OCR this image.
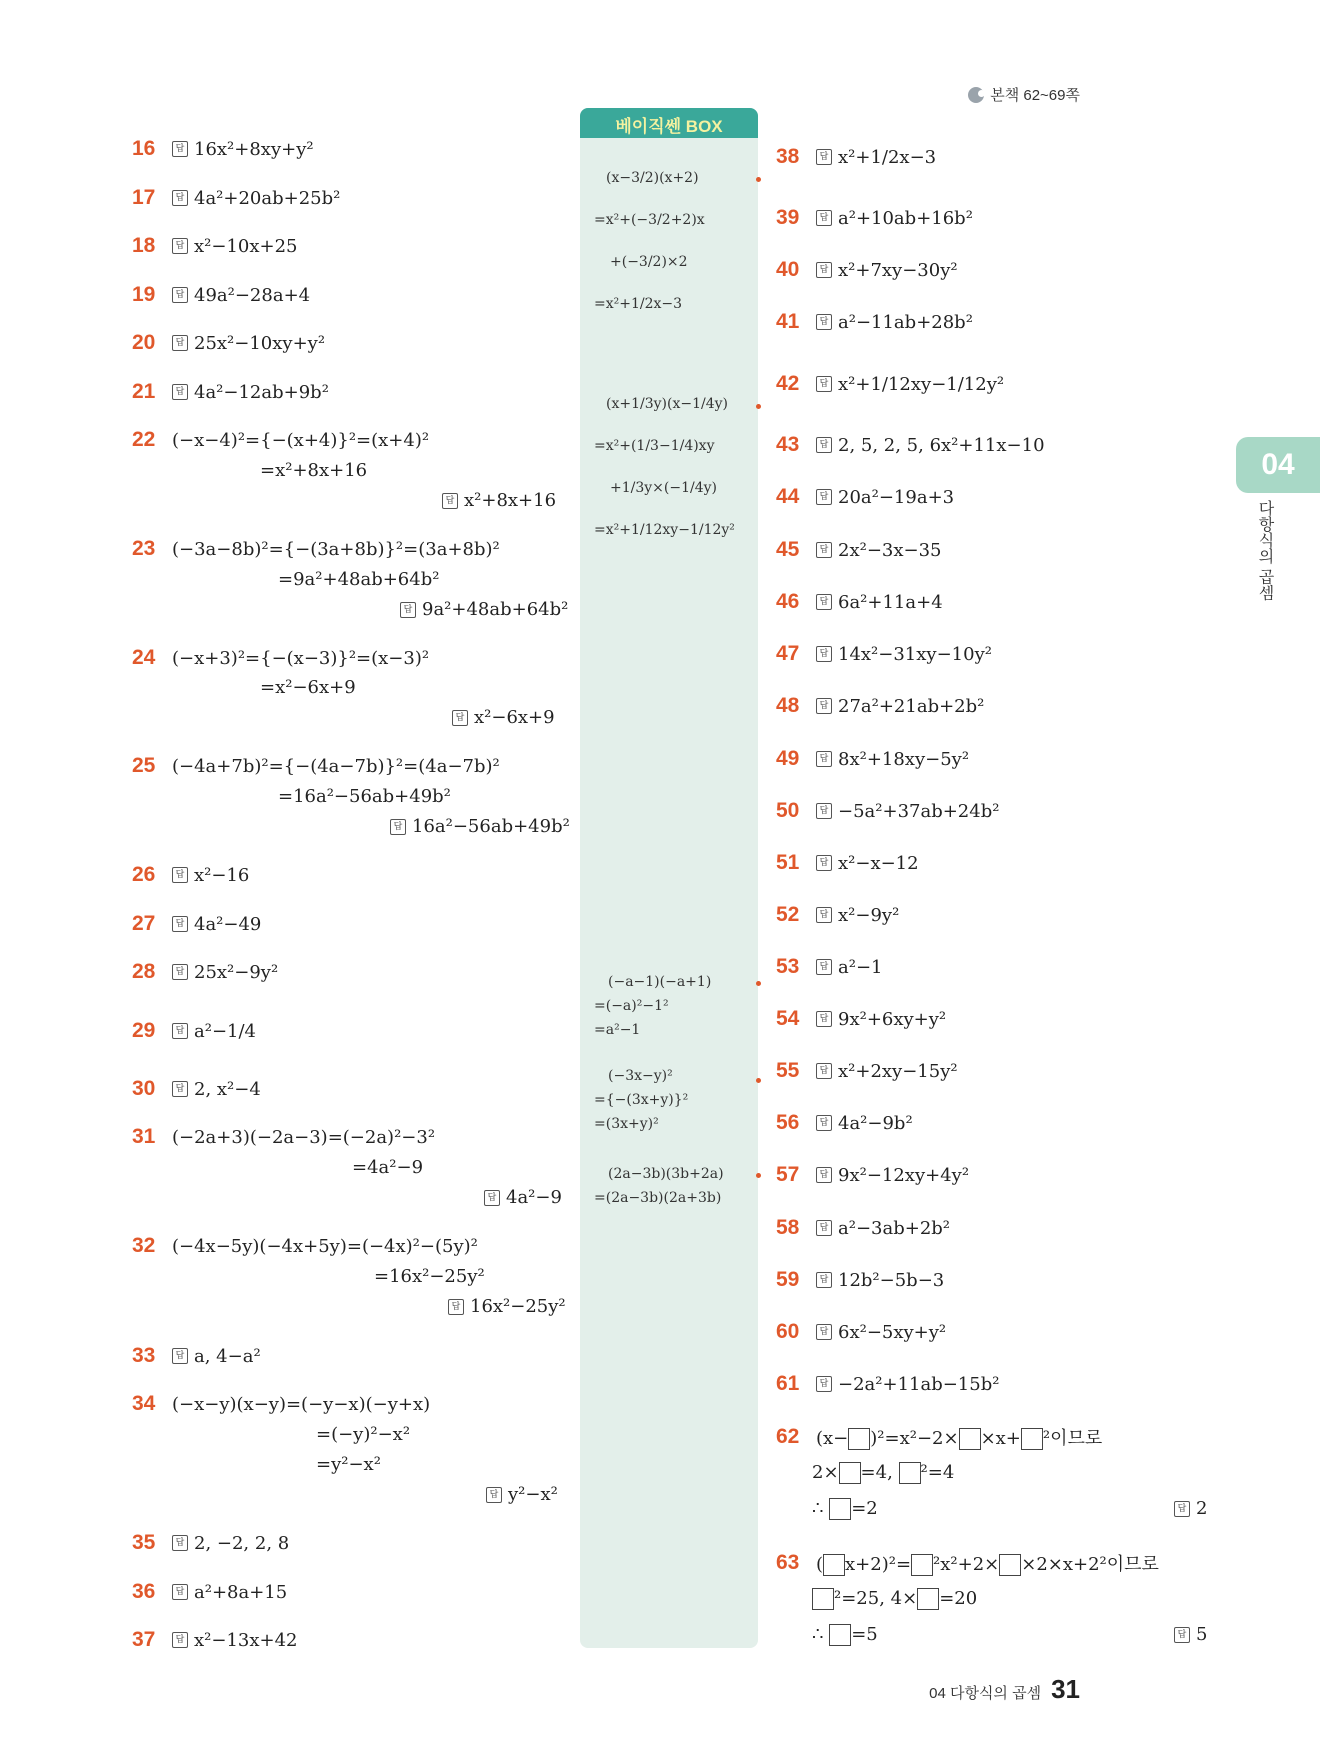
본책 62~69쪽
16	답 16x²+8xy+y²
17	답 4a²+20ab+25b²
18	답 x²−10x+25
19	답 49a²−28a+4
20	답 25x²−10xy+y²
21	답 4a²−12ab+9b²
22 (−x−4)²={−(x+4)}²=(x+4)²
=x²+8x+16
답 x²+8x+16
23 (−3a−8b)²={−(3a+8b)}²=(3a+8b)²
=9a²+48ab+64b²
답 9a²+48ab+64b²
24 (−x+3)²={−(x−3)}²=(x−3)²
=x²−6x+9
답 x²−6x+9
25 (−4a+7b)²={−(4a−7b)}²=(4a−7b)²
=16a²−56ab+49b²
답 16a²−56ab+49b²
26	답 x²−16
27	답 4a²−49
28	답 25x²−9y²
29	답 a²−1/4
30	답 2, x²−4
31 (−2a+3)(−2a−3)=(−2a)²−3²
=4a²−9
답 4a²−9
32 (−4x−5y)(−4x+5y)=(−4x)²−(5y)²
=16x²−25y²
답 16x²−25y²
33	답 a, 4−a²
34 (−x−y)(x−y)=(−y−x)(−y+x)
=(−y)²−x²
=y²−x²
답 y²−x²
35	답 2, −2, 2, 8
36	답 a²+8a+15
37	답 x²−13x+42
베이직쎈 BOX
(x−3/2)(x+2)
=x²+(−3/2+2)x
+(−3/2)×2
=x²+1/2x−3
(x+1/3y)(x−1/4y)
=x²+(1/3−1/4)xy
+1/3y×(−1/4y)
=x²+1/12xy−1/12y²
(−a−1)(−a+1)
=(−a)²−1²
=a²−1
(−3x−y)²
={−(3x+y)}²
=(3x+y)²
(2a−3b)(3b+2a)
=(2a−3b)(2a+3b)
38	답 x²+1/2x−3
39	답 a²+10ab+16b²
40	답 x²+7xy−30y²
41	답 a²−11ab+28b²
42	답 x²+1/12xy−1/12y²
43	답 2, 5, 2, 5, 6x²+11x−10
44	답 20a²−19a+3
45	답 2x²−3x−35
46	답 6a²+11a+4
47	답 14x²−31xy−10y²
48	답 27a²+21ab+2b²
49	답 8x²+18xy−5y²
50	답 −5a²+37ab+24b²
51	답 x²−x−12
52	답 x²−9y²
53	답 a²−1
54	답 9x²+6xy+y²
55	답 x²+2xy−15y²
56	답 4a²−9b²
57	답 9x²−12xy+4y²
58	답 a²−3ab+2b²
59	답 12b²−5b−3
60	답 6x²−5xy+y²
61	답 −2a²+11ab−15b²
62 (x− )²=x²−2× ×x+ ²이므로
2× =4, ²=4
∴ =2	답 2
63 ( x+2)²= ²x²+2× ×2×x+2²이므로
²=25, 4× =20
∴ =5	답 5
04
다항식의 곱셈
04 다항식의 곱셈 31
